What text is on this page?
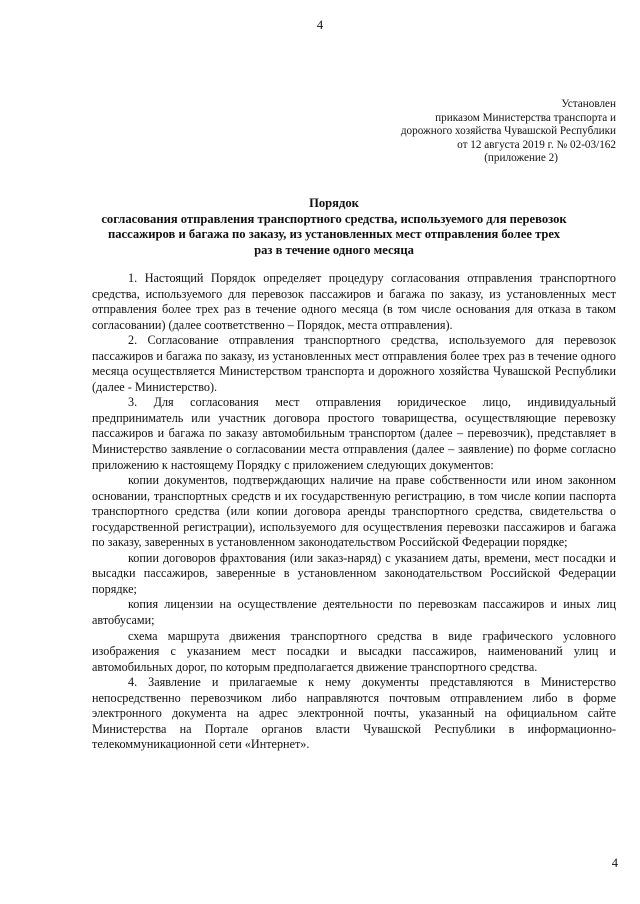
4
Установлен
приказом Министерства транспорта и
дорожного хозяйства Чувашской Республики
от 12 августа 2019 г. № 02-03/162
(приложение 2)
Порядок
согласования отправления транспортного средства, используемого для перевозок
пассажиров и багажа по заказу, из установленных мест отправления более трех
раз в течение одного месяца

1. Настоящий Порядок определяет процедуру согласования отправления транспортного средства, используемого для перевозок пассажиров и багажа по заказу, из установленных мест отправления более трех раз в течение одного месяца (в том числе основания для отказа в таком согласовании) (далее соответственно – Порядок, места отправления).

2. Согласование отправления транспортного средства, используемого для перевозок пассажиров и багажа по заказу, из установленных мест отправления более трех раз в течение одного месяца осуществляется Министерством транспорта и дорожного хозяйства Чувашской Республики (далее - Министерство).

3. Для согласования мест отправления юридическое лицо, индивидуальный предприниматель или участник договора простого товарищества, осуществляющие перевозку пассажиров и багажа по заказу автомобильным транспортом (далее – перевозчик), представляет в Министерство заявление о согласовании места отправления (далее – заявление) по форме согласно приложению к настоящему Порядку с приложением следующих документов:

копии документов, подтверждающих наличие на праве собственности или ином законном основании, транспортных средств и их государственную регистрацию, в том числе копии паспорта транспортного средства (или копии договора аренды транспортного средства, свидетельства о государственной регистрации), используемого для осуществления перевозки пассажиров и багажа по заказу, заверенных в установленном законодательством Российской Федерации порядке;

копии договоров фрахтования (или заказ-наряд) с указанием даты, времени, мест посадки и высадки пассажиров, заверенные в установленном законодательством Российской Федерации порядке;

копия лицензии на осуществление деятельности по перевозкам пассажиров и иных лиц автобусами;

схема маршрута движения транспортного средства в виде графического условного изображения с указанием мест посадки и высадки пассажиров, наименований улиц и автомобильных дорог, по которым предполагается движение транспортного средства.

4. Заявление и прилагаемые к нему документы представляются в Министерство непосредственно перевозчиком либо направляются почтовым отправлением либо в форме электронного документа на адрес электронной почты, указанный на официальном сайте Министерства на Портале органов власти Чувашской Республики в информационно-телекоммуникационной сети «Интернет».

4
